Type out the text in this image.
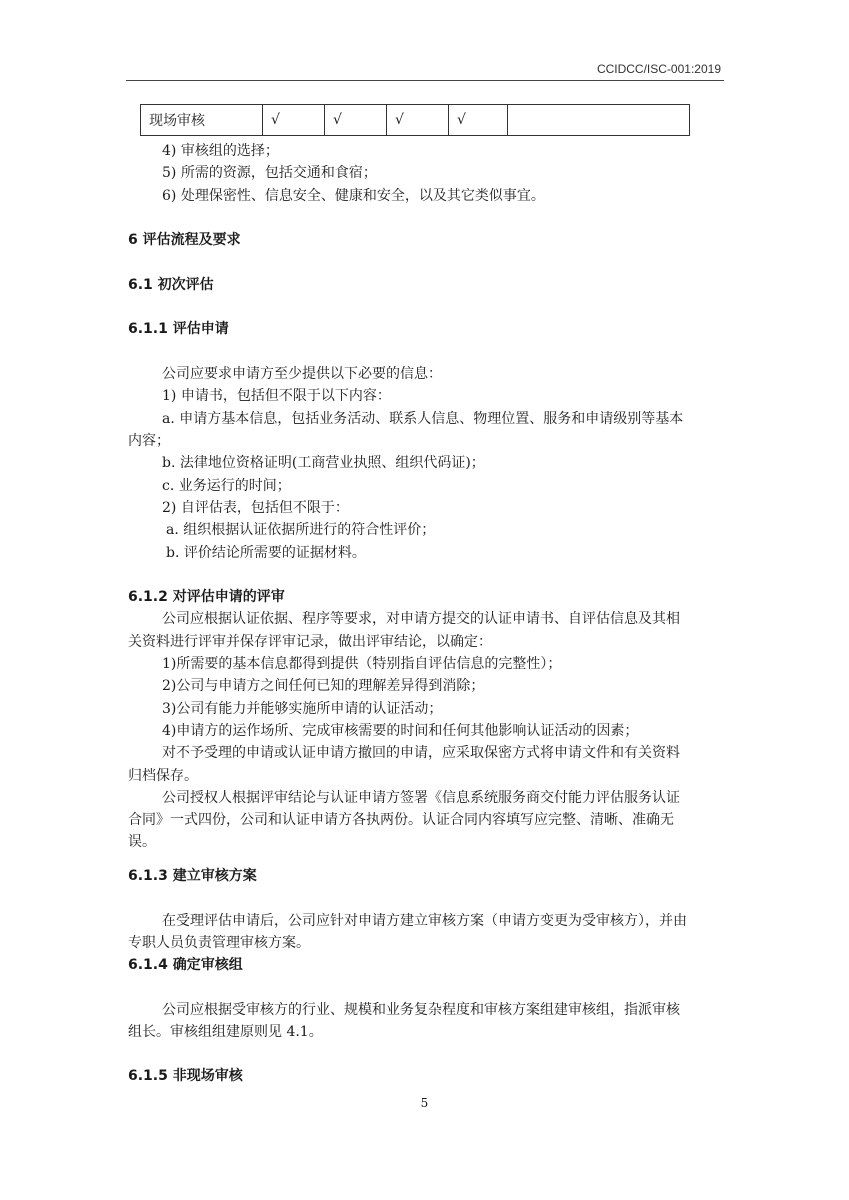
CCIDCC/ISC-001:2019
现场审核	√	√	√	√	
4) 审核组的选择；
5) 所需的资源，包括交通和食宿；
6) 处理保密性、信息安全、健康和安全，以及其它类似事宜。
6 评估流程及要求
6.1 初次评估
6.1.1 评估申请
公司应要求申请方至少提供以下必要的信息：
1) 申请书，包括但不限于以下内容：
a. 申请方基本信息，包括业务活动、联系人信息、物理位置、服务和申请级别等基本
内容；
b. 法律地位资格证明(工商营业执照、组织代码证)；
c. 业务运行的时间；
2) 自评估表，包括但不限于：
a. 组织根据认证依据所进行的符合性评价；
b. 评价结论所需要的证据材料。
6.1.2 对评估申请的评审
公司应根据认证依据、程序等要求，对申请方提交的认证申请书、自评估信息及其相
关资料进行评审并保存评审记录，做出评审结论，以确定：
1)所需要的基本信息都得到提供（特别指自评估信息的完整性）；
2)公司与申请方之间任何已知的理解差异得到消除；
3)公司有能力并能够实施所申请的认证活动；
4)申请方的运作场所、完成审核需要的时间和任何其他影响认证活动的因素；
对不予受理的申请或认证申请方撤回的申请，应采取保密方式将申请文件和有关资料
归档保存。
公司授权人根据评审结论与认证申请方签署《信息系统服务商交付能力评估服务认证
合同》一式四份，公司和认证申请方各执两份。认证合同内容填写应完整、清晰、准确无
误。
6.1.3 建立审核方案
在受理评估申请后，公司应针对申请方建立审核方案（申请方变更为受审核方），并由
专职人员负责管理审核方案。
6.1.4 确定审核组
公司应根据受审核方的行业、规模和业务复杂程度和审核方案组建审核组，指派审核
组长。审核组组建原则见 4.1。
6.1.5 非现场审核
5
